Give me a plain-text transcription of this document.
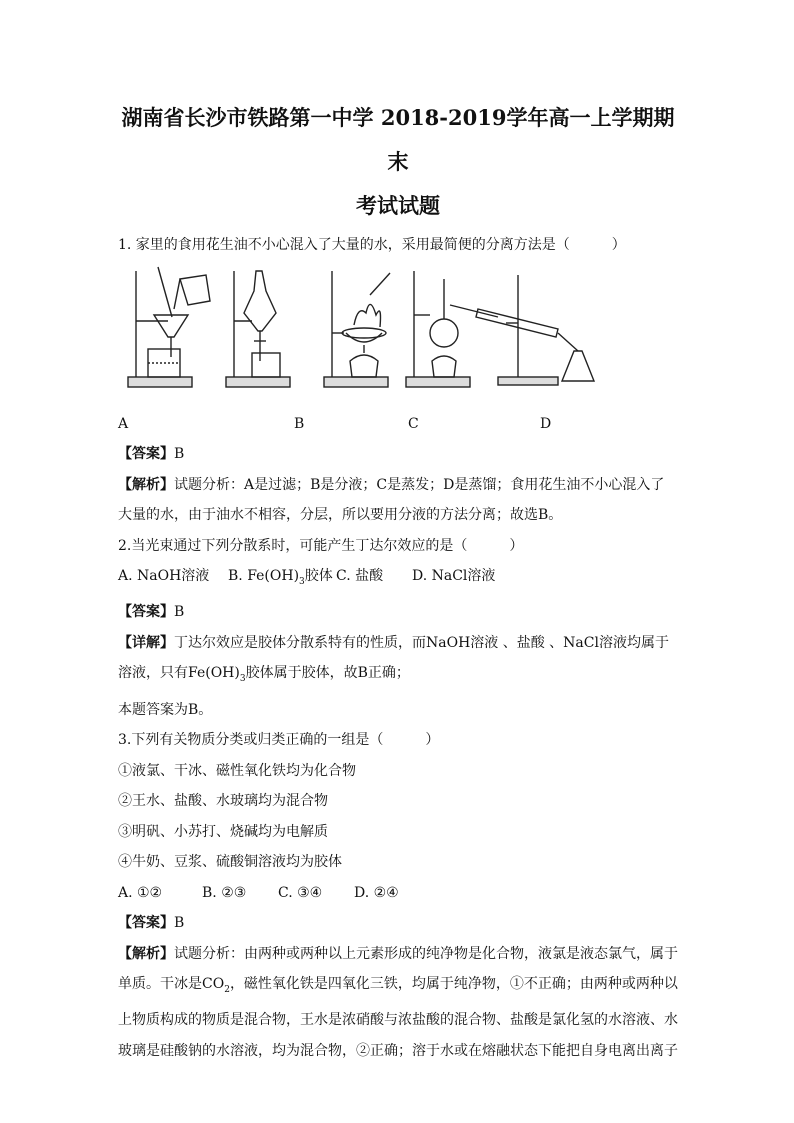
湖南省长沙市铁路第一中学 2018-2019学年高一上学期期末
考试试题

1. 家里的食用花生油不小心混入了大量的水，采用最简便的分离方法是（　　　）

A	B	C	D

【答案】B

【解析】试题分析：A是过滤；B是分液；C是蒸发；D是蒸馏；食用花生油不小心混入了

大量的水，由于油水不相容，分层，所以要用分液的方法分离；故选B。

2.当光束通过下列分散系时，可能产生丁达尔效应的是（　　　）

A. NaOH溶液 B. $Fe(OH)_3$胶体 C. 盐酸 D. NaCl溶液

【答案】B

【详解】丁达尔效应是胶体分散系特有的性质，而NaOH溶液 、盐酸 、NaCl溶液均属于

溶液，只有$Fe(OH)_3$胶体属于胶体，故B正确；

本题答案为B。

3.下列有关物质分类或归类正确的一组是（　　　）

①液氯、干冰、磁性氧化铁均为化合物

②王水、盐酸、水玻璃均为混合物

③明矾、小苏打、烧碱均为电解质

④牛奶、豆浆、硫酸铜溶液均为胶体

A. ①②	B. ②③ C. ③④ D. ②④

【答案】B

【解析】试题分析：由两种或两种以上元素形成的纯净物是化合物，液氯是液态氯气，属于

单质。干冰是$CO_2$，磁性氧化铁是四氧化三铁，均属于纯净物，①不正确；由两种或两种以

上物质构成的物质是混合物，王水是浓硝酸与浓盐酸的混合物、盐酸是氯化氢的水溶液、水

玻璃是硅酸钠的水溶液，均为混合物，②正确；溶于水或在熔融状态下能把自身电离出离子
